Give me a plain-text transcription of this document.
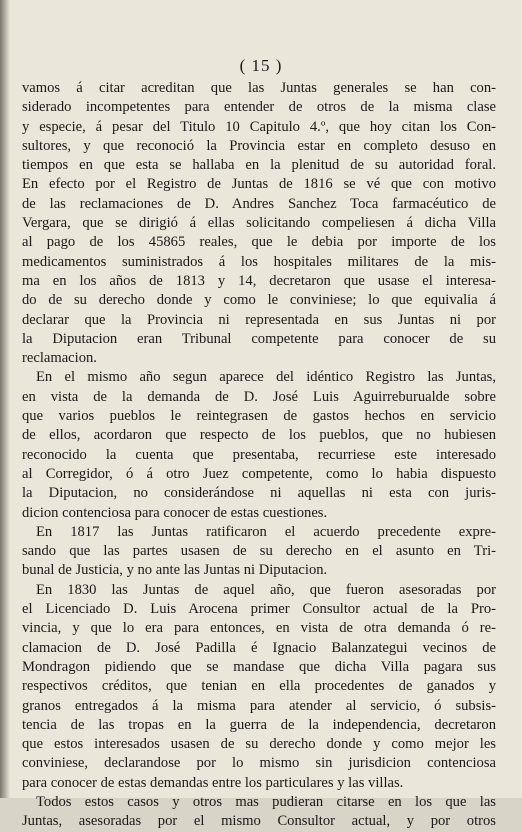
( 15 )
vamos á citar acreditan que las Juntas generales se han con-
siderado incompetentes para entender de otros de la misma clase
y especie, á pesar del Titulo 10 Capitulo 4.º, que hoy citan los Con-
sultores, y que reconoció la Provincia estar en completo desuso en
tiempos en que esta se hallaba en la plenitud de su autoridad foral.
En efecto por el Registro de Juntas de 1816 se vé que con motivo
de las reclamaciones de D. Andres Sanchez Toca farmacéutico de
Vergara, que se dirigió á ellas solicitando compeliesen á dicha Villa
al pago de los 45865 reales, que le debia por importe de los
medicamentos suministrados á los hospitales militares de la mis-
ma en los años de 1813 y 14, decretaron que usase el interesa-
do de su derecho donde y como le conviniese; lo que equivalia á
declarar que la Provincia ni representada en sus Juntas ni por
la Diputacion eran Tribunal competente para conocer de su
reclamacion.
En el mismo año segun aparece del idéntico Registro las Juntas,
en vista de la demanda de D. José Luis Aguirreburualde sobre
que varios pueblos le reintegrasen de gastos hechos en servicio
de ellos, acordaron que respecto de los pueblos, que no hubiesen
reconocido la cuenta que presentaba, recurriese este interesado
al Corregidor, ó á otro Juez competente, como lo habia dispuesto
la Diputacion, no considerándose ni aquellas ni esta con juris-
dicion contenciosa para conocer de estas cuestiones.
En 1817 las Juntas ratificaron el acuerdo precedente expre-
sando que las partes usasen de su derecho en el asunto en Tri-
bunal de Justicia, y no ante las Juntas ni Diputacion.
En 1830 las Juntas de aquel año, que fueron asesoradas por
el Licenciado D. Luis Arocena primer Consultor actual de la Pro-
vincia, y que lo era para entonces, en vista de otra demanda ó re-
clamacion de D. José Padilla é Ignacio Balanzategui vecinos de
Mondragon pidiendo que se mandase que dicha Villa pagara sus
respectivos créditos, que tenian en ella procedentes de ganados y
granos entregados á la misma para atender al servicio, ó subsis-
tencia de las tropas en la guerra de la independencia, decretaron
que estos interesados usasen de su derecho donde y como mejor les
conviniese, declarandose por lo mismo sin jurisdicion contenciosa
para conocer de estas demandas entre los particulares y las villas.
Todos estos casos y otros mas pudieran citarse en los que las
Juntas, asesoradas por el mismo Consultor actual, y por otros
